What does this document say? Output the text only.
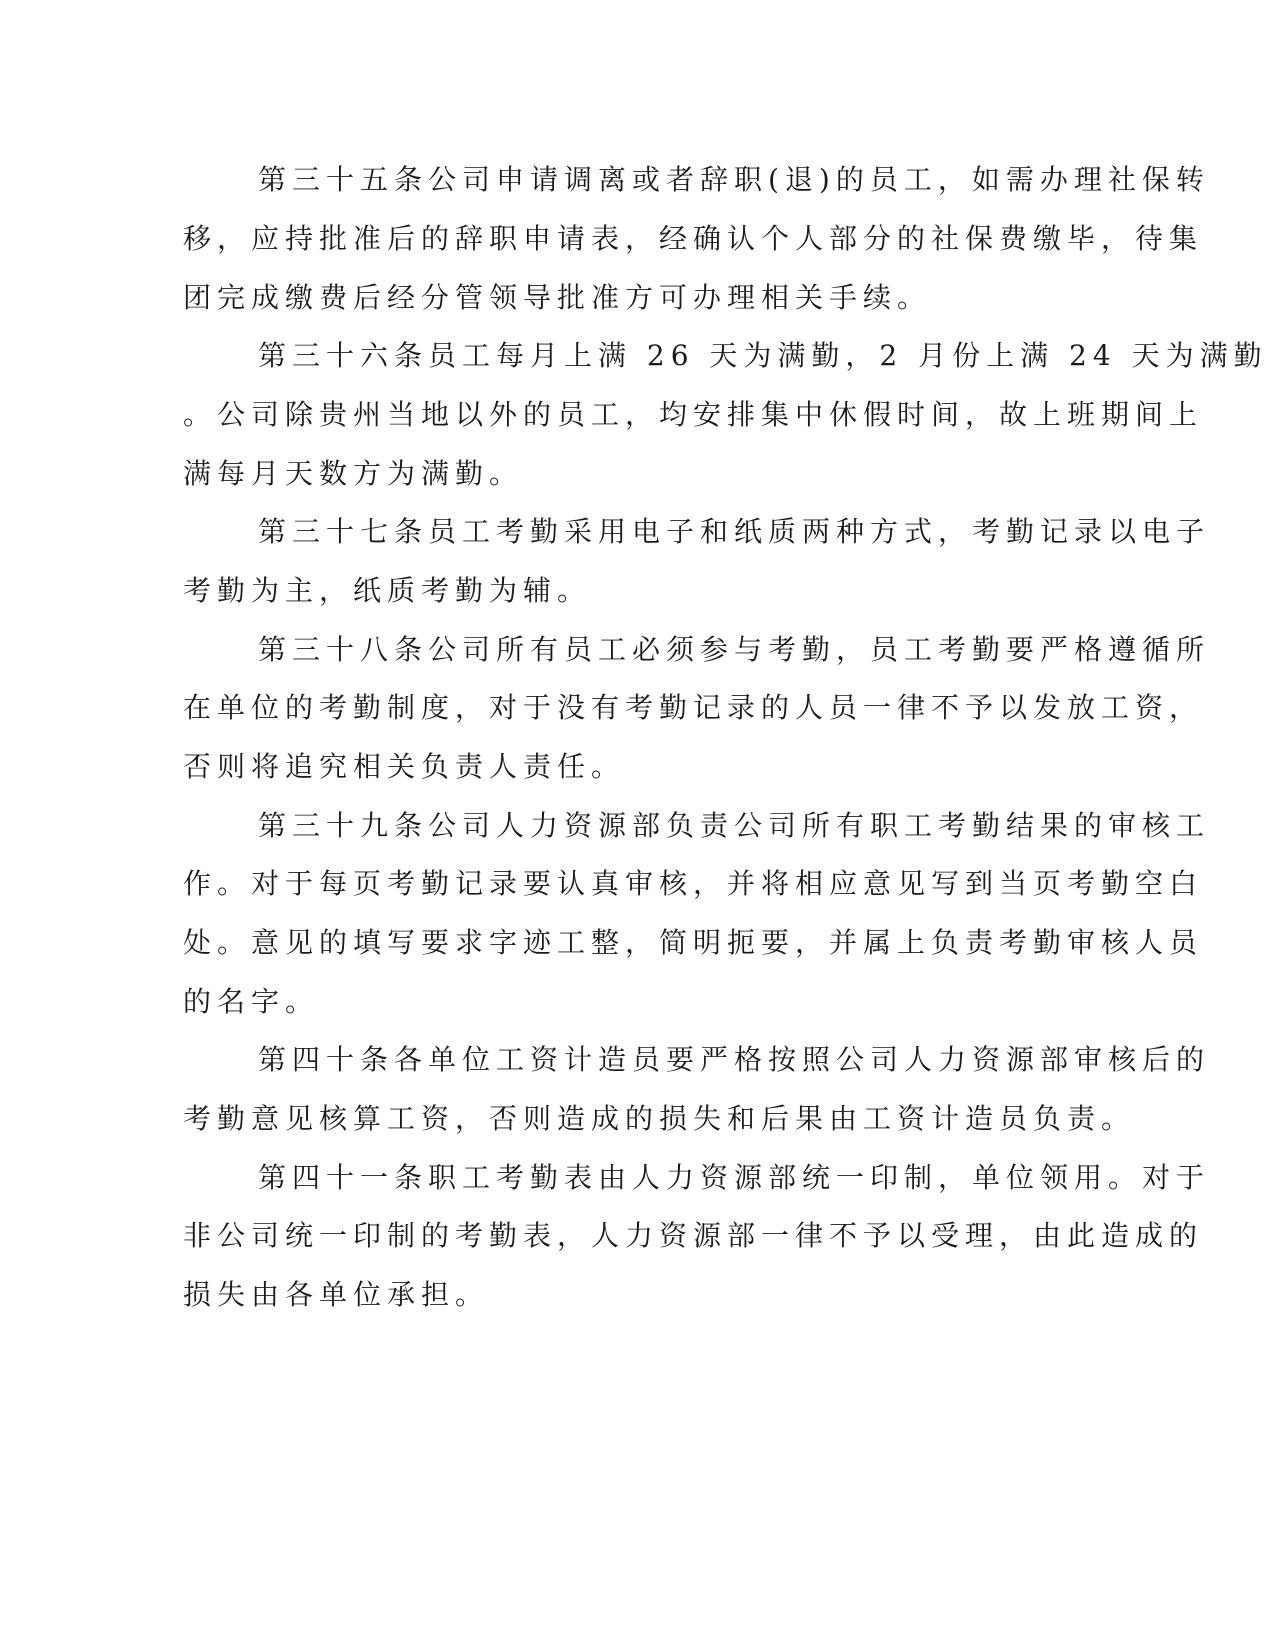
第三十五条公司申请调离或者辞职(退)的员工，如需办理社保转
移，应持批准后的辞职申请表，经确认个人部分的社保费缴毕，待集
团完成缴费后经分管领导批准方可办理相关手续。
第三十六条员工每月上满 26 天为满勤，2 月份上满 24 天为满勤
。公司除贵州当地以外的员工，均安排集中休假时间，故上班期间上
满每月天数方为满勤。
第三十七条员工考勤采用电子和纸质两种方式，考勤记录以电子
考勤为主，纸质考勤为辅。
第三十八条公司所有员工必须参与考勤，员工考勤要严格遵循所
在单位的考勤制度，对于没有考勤记录的人员一律不予以发放工资，
否则将追究相关负责人责任。
第三十九条公司人力资源部负责公司所有职工考勤结果的审核工
作。对于每页考勤记录要认真审核，并将相应意见写到当页考勤空白
处。意见的填写要求字迹工整，简明扼要，并属上负责考勤审核人员
的名字。
第四十条各单位工资计造员要严格按照公司人力资源部审核后的
考勤意见核算工资，否则造成的损失和后果由工资计造员负责。
第四十一条职工考勤表由人力资源部统一印制，单位领用。对于
非公司统一印制的考勤表，人力资源部一律不予以受理，由此造成的
损失由各单位承担。
